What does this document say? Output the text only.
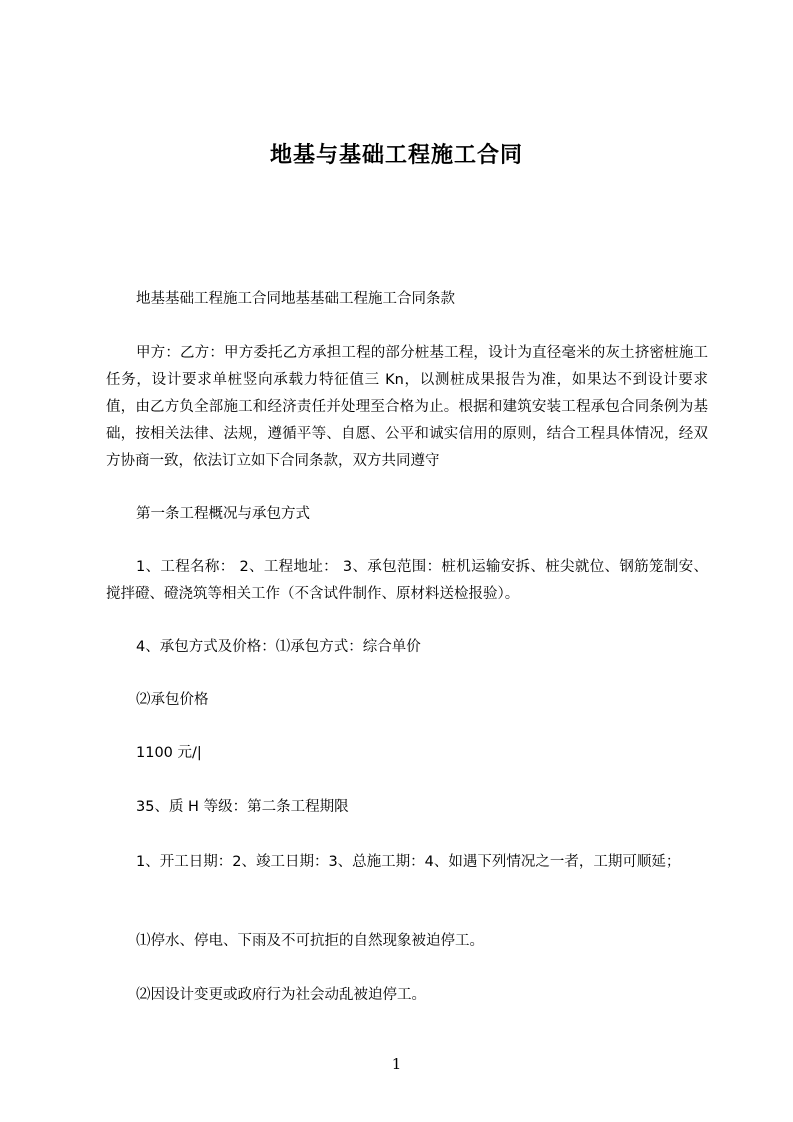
地基与基础工程施工合同
地基基础工程施工合同地基基础工程施工合同条款
甲方：乙方：甲方委托乙方承担工程的部分桩基工程，设计为直径毫米的灰土挤密桩施工任务，设计要求单桩竖向承载力特征值三 Kn，以测桩成果报告为准，如果达不到设计要求值，由乙方负全部施工和经济责任并处理至合格为止。根据和建筑安装工程承包合同条例为基础，按相关法律、法规，遵循平等、自愿、公平和诚实信用的原则，结合工程具体情况，经双方协商一致，依法订立如下合同条款，双方共同遵守
第一条工程概况与承包方式
1、工程名称： 2、工程地址： 3、承包范围：桩机运输安拆、桩尖就位、钢筋笼制安、搅拌磴、磴浇筑等相关工作（不含试件制作、原材料送检报验）。
4、承包方式及价格：⑴承包方式：综合单价
⑵承包价格
1100 元/|
35、质 H 等级：第二条工程期限
1、开工日期：2、竣工日期：3、总施工期：4、如遇下列情况之一者，工期可顺延；
⑴停水、停电、下雨及不可抗拒的自然现象被迫停工。
⑵因设计变更或政府行为社会动乱被迫停工。
1
